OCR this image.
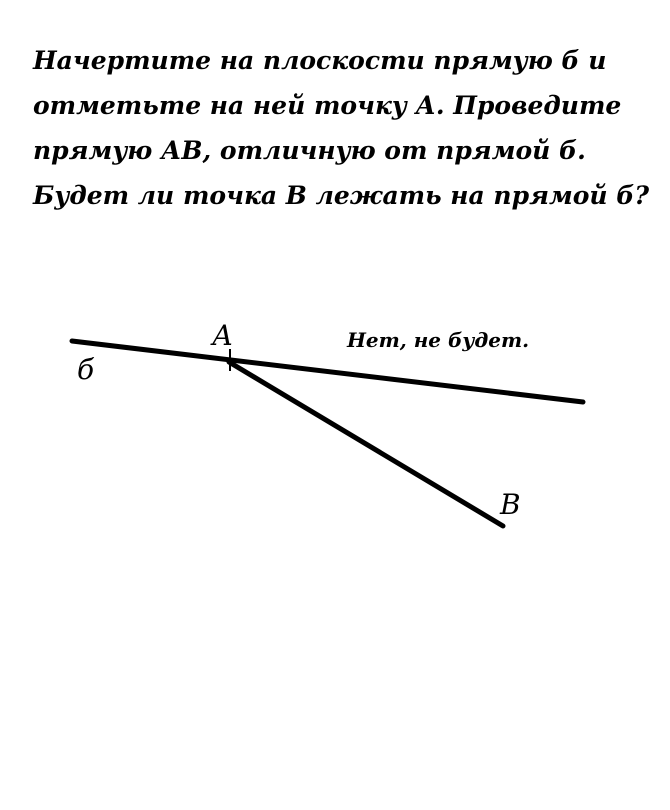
Начертите на плоскости прямую б и
отметьте на ней точку А. Проведите
прямую АВ, отличную от прямой б.
Будет ли точка В лежать на прямой б?
б
А
В
Нет, не будет.
